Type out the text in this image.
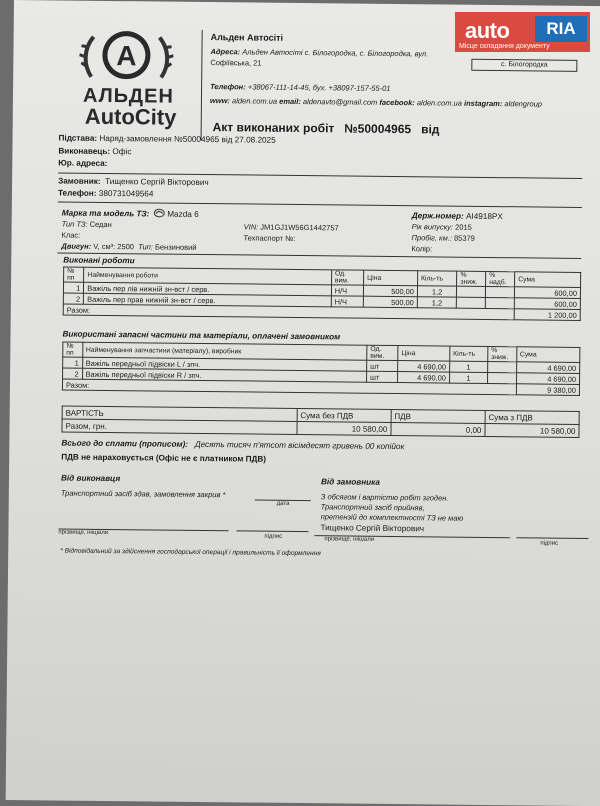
A
АЛЬДЕН
AutoCity
Альден Автосіті
Адреса: Альден Автосіті с. Білогородка, с. Білогородка, вул.
Софіївська, 21	с. Білогородка
Телефон: +38067-111-14-45, бух. +38097-157-55-01
www: alden.com.ua email: aldenavto@gmail.com facebook: alden.com.ua instagram: aldengroup
Акт виконаних робіт №50004965 від
Підстава: Наряд-замовлення №50004965 від 27.08.2025
Виконавець: Офіс
Юр. адреса:
Замовник: Тищенко Сергій Вікторович
Телефон: 380731049564
Марка та модель ТЗ: Mazda 6	Держ.номер: AI4918PX
Тип ТЗ: Седан	VIN: JM1GJ1W56G1442757	Рік випуску: 2015
Клас:	Техпаспорт №:	Пробіг, км.: 85379
Двигун: V, см³: 2500 Тип: Бензиновий	Колір:
Виконані роботи
№ пп	Найменування роботи	Од. вим.	Ціна	Кіль-ть	% зниж.	% надб.	Сума
1	Важіль пер лів нижній зн-вст / серв.	Н/Ч	500,00	1,2			600,00
2	Важіль пер прав нижній зн-вст / серв.	Н/Ч	500,00	1,2			600,00
Разом:							1 200,00
Використані запасні частини та матеріали, оплачені замовником
№ пп	Найменування запчастини (матеріалу), виробник	Од. вим.	Ціна	Кіль-ть	% зниж.	Сума
1	Важіль передньої підвіски L / зпч.	шт	4 690,00	1		4 690,00
2	Важіль передньої підвіски R / зпч.	шт	4 690,00	1		4 690,00
Разом:						9 380,00
ВАРТІСТЬ	Сума без ПДВ	ПДВ	Сума з ПДВ
Разом, грн.	10 580,00	0,00	10 580,00
Всього до сплати (прописом): Десять тисяч п'ятсот вісімдесят гривень 00 копійок
ПДВ не нараховується (Офіс не є платником ПДВ)
Від виконавця
Транспортний засіб здав, замовлення закрив *
дата
прізвище, ініціали
підпис
Від замовника
З обсягом і вартістю робіт згоден.
Транспортний засіб прийняв,
претензій до комплектності ТЗ не маю
Тищенко Сергій Вікторович
прізвище, ініціали
підпис
* Відповідальний за здійснення господарської операції і правильність її оформлення
auto	RIA
Місце складання документу
